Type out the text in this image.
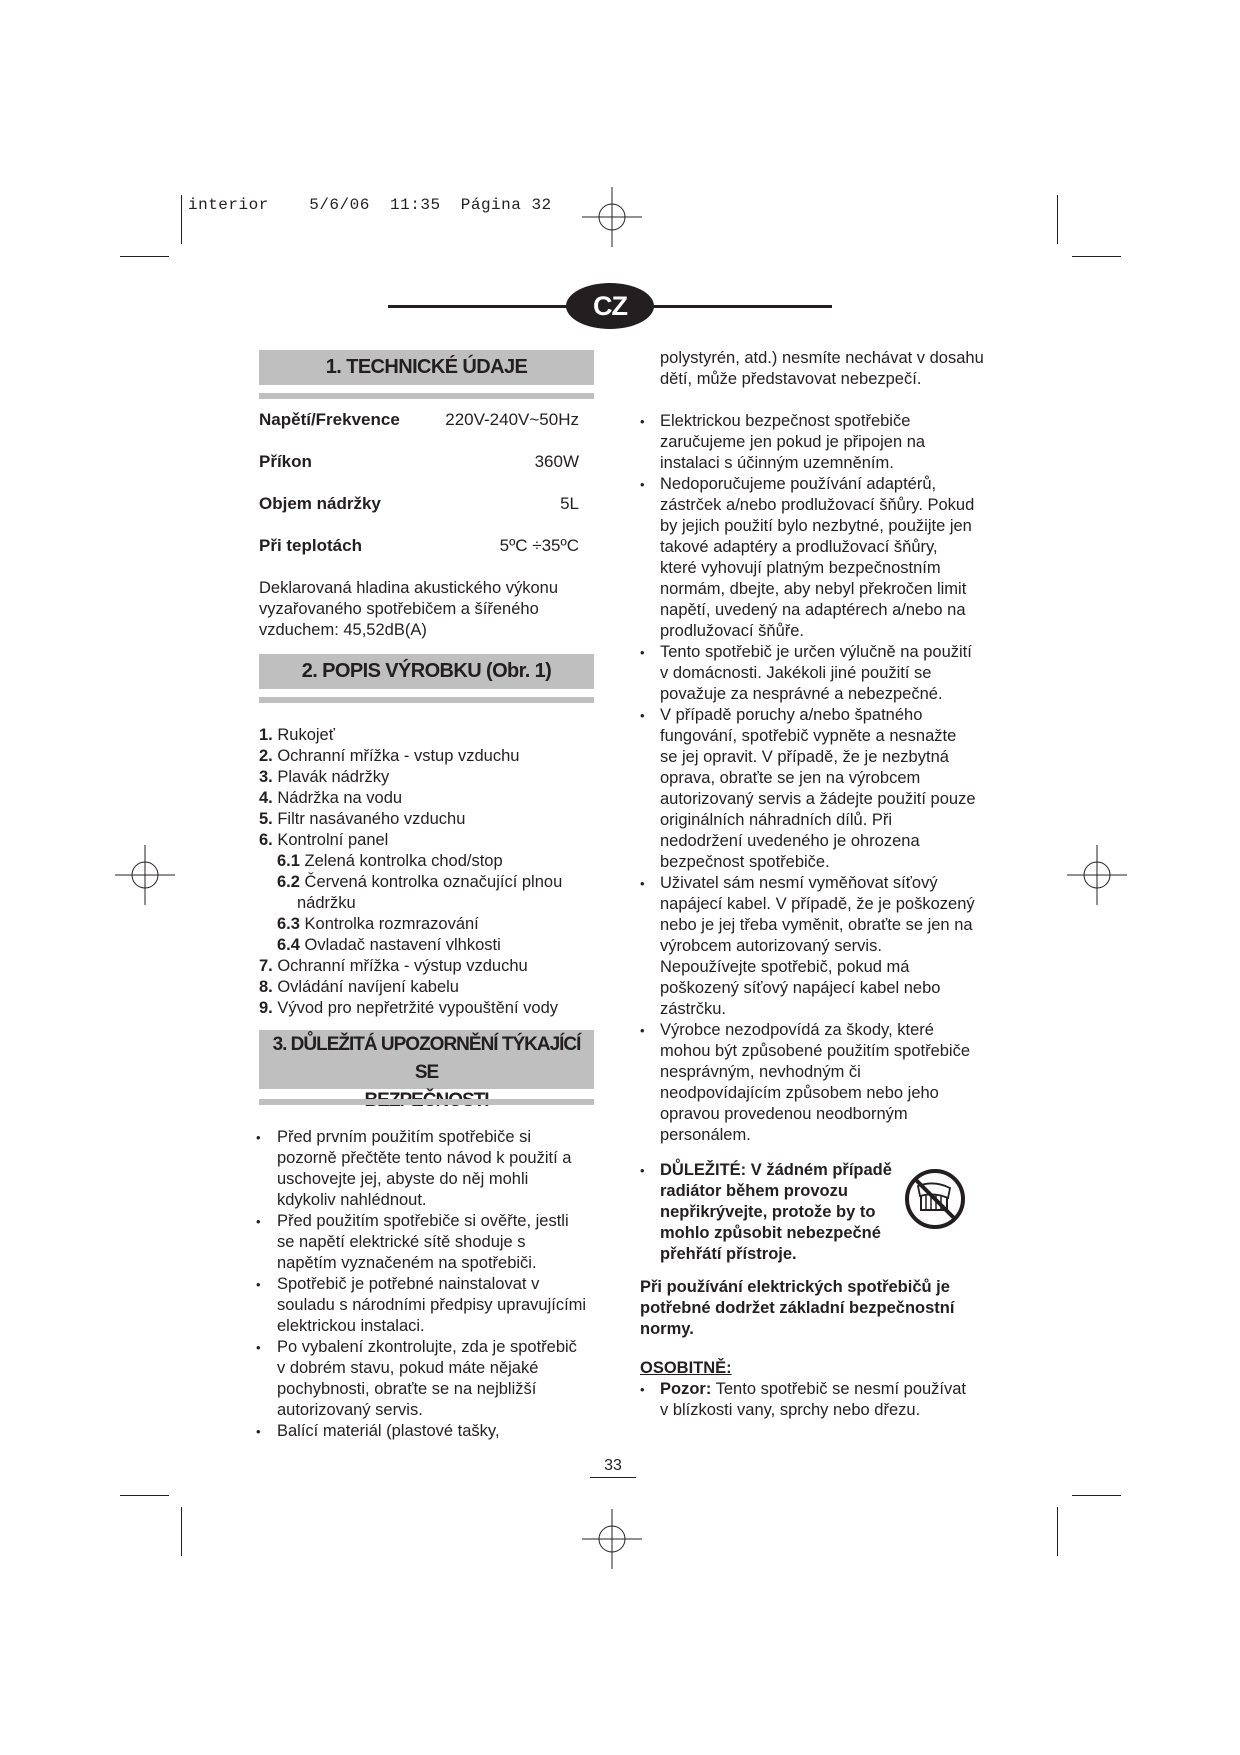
interior    5/6/06  11:35  Página 32
CZ
1. TECHNICKÉ ÚDAJE
Napětí/Frekvence	220V-240V~50Hz
Příkon	360W
Objem nádržky	5L
Při teplotách	5ºC ÷35ºC
Deklarovaná hladina akustického výkonu
vyzařovaného spotřebičem a šířeného
vzduchem: 45,52dB(A)
2. POPIS VÝROBKU (Obr. 1)
1. Rukojeť
2. Ochranní mřížka - vstup vzduchu
3. Plavák nádržky
4. Nádržka na vodu
5. Filtr nasávaného vzduchu
6. Kontrolní panel
6.1 Zelená kontrolka chod/stop
6.2 Červená kontrolka označující plnou
nádržku
6.3 Kontrolka rozmrazování
6.4 Ovladač nastavení vlhkosti
7. Ochranní mřížka - výstup vzduchu
8. Ovládání navíjení kabelu
9. Vývod pro nepřetržité vypouštění vody
3. DŮLEŽITÁ UPOZORNĚNÍ TÝKAJÍCÍ SE
• Před prvním použitím spotřebiče si pozorně přečtěte tento návod k použití a uschovejte jej, abyste do něj mohli kdykoliv nahlédnout.
• Před použitím spotřebiče si ověřte, jestli se napětí elektrické sítě shoduje s napětím vyznačeném na spotřebiči.
• Spotřebič je potřebné nainstalovat v souladu s národními předpisy upravujícími elektrickou instalaci.
• Po vybalení zkontrolujte, zda je spotřebič v dobrém stavu, pokud máte nějaké pochybnosti, obraťte se na nejbližší autorizovaný servis.
• Balící materiál (plastové tašky,
polystyrén, atd.) nesmíte nechávat v dosahu dětí, může představovat nebezpečí.
• Elektrickou bezpečnost spotřebiče zaručujeme jen pokud je připojen na instalaci s účinným uzemněním.
• Nedoporučujeme používání adaptérů, zástrček a/nebo prodlužovací šňůry. Pokud by jejich použití bylo nezbytné, použijte jen takové adaptéry a prodlužovací šňůry, které vyhovují platným bezpečnostním normám, dbejte, aby nebyl překročen limit napětí, uvedený na adaptérech a/nebo na prodlužovací šňůře.
• Tento spotřebič je určen výlučně na použití v domácnosti. Jakékoli jiné použití se považuje za nesprávné a nebezpečné.
• V případě poruchy a/nebo špatného fungování, spotřebič vypněte a nesnažte se jej opravit. V případě, že je nezbytná oprava, obraťte se jen na výrobcem autorizovaný servis a žádejte použití pouze originálních náhradních dílů. Při nedodržení uvedeného je ohrozena bezpečnost spotřebiče.
• Uživatel sám nesmí vyměňovat síťový napájecí kabel. V případě, že je poškozený nebo je jej třeba vyměnit, obraťte se jen na výrobcem autorizovaný servis. Nepoužívejte spotřebič, pokud má poškozený síťový napájecí kabel nebo zástrčku.
• Výrobce nezodpovídá za škody, které mohou být způsobené použitím spotřebiče nesprávným, nevhodným či neodpovídajícím způsobem nebo jeho opravou provedenou neodborným personálem.
• DŮLEŽITÉ: V žádném případě
radiátor během provozu
nepřikrývejte, protože by to
mohlo způsobit nebezpečné
přehřátí přístroje.
Při používání elektrických spotřebičů je
potřebné dodržet základní bezpečnostní
normy.
OSOBITNĚ:
• Pozor: Tento spotřebič se nesmí používat
v blízkosti vany, sprchy nebo dřezu.
33
